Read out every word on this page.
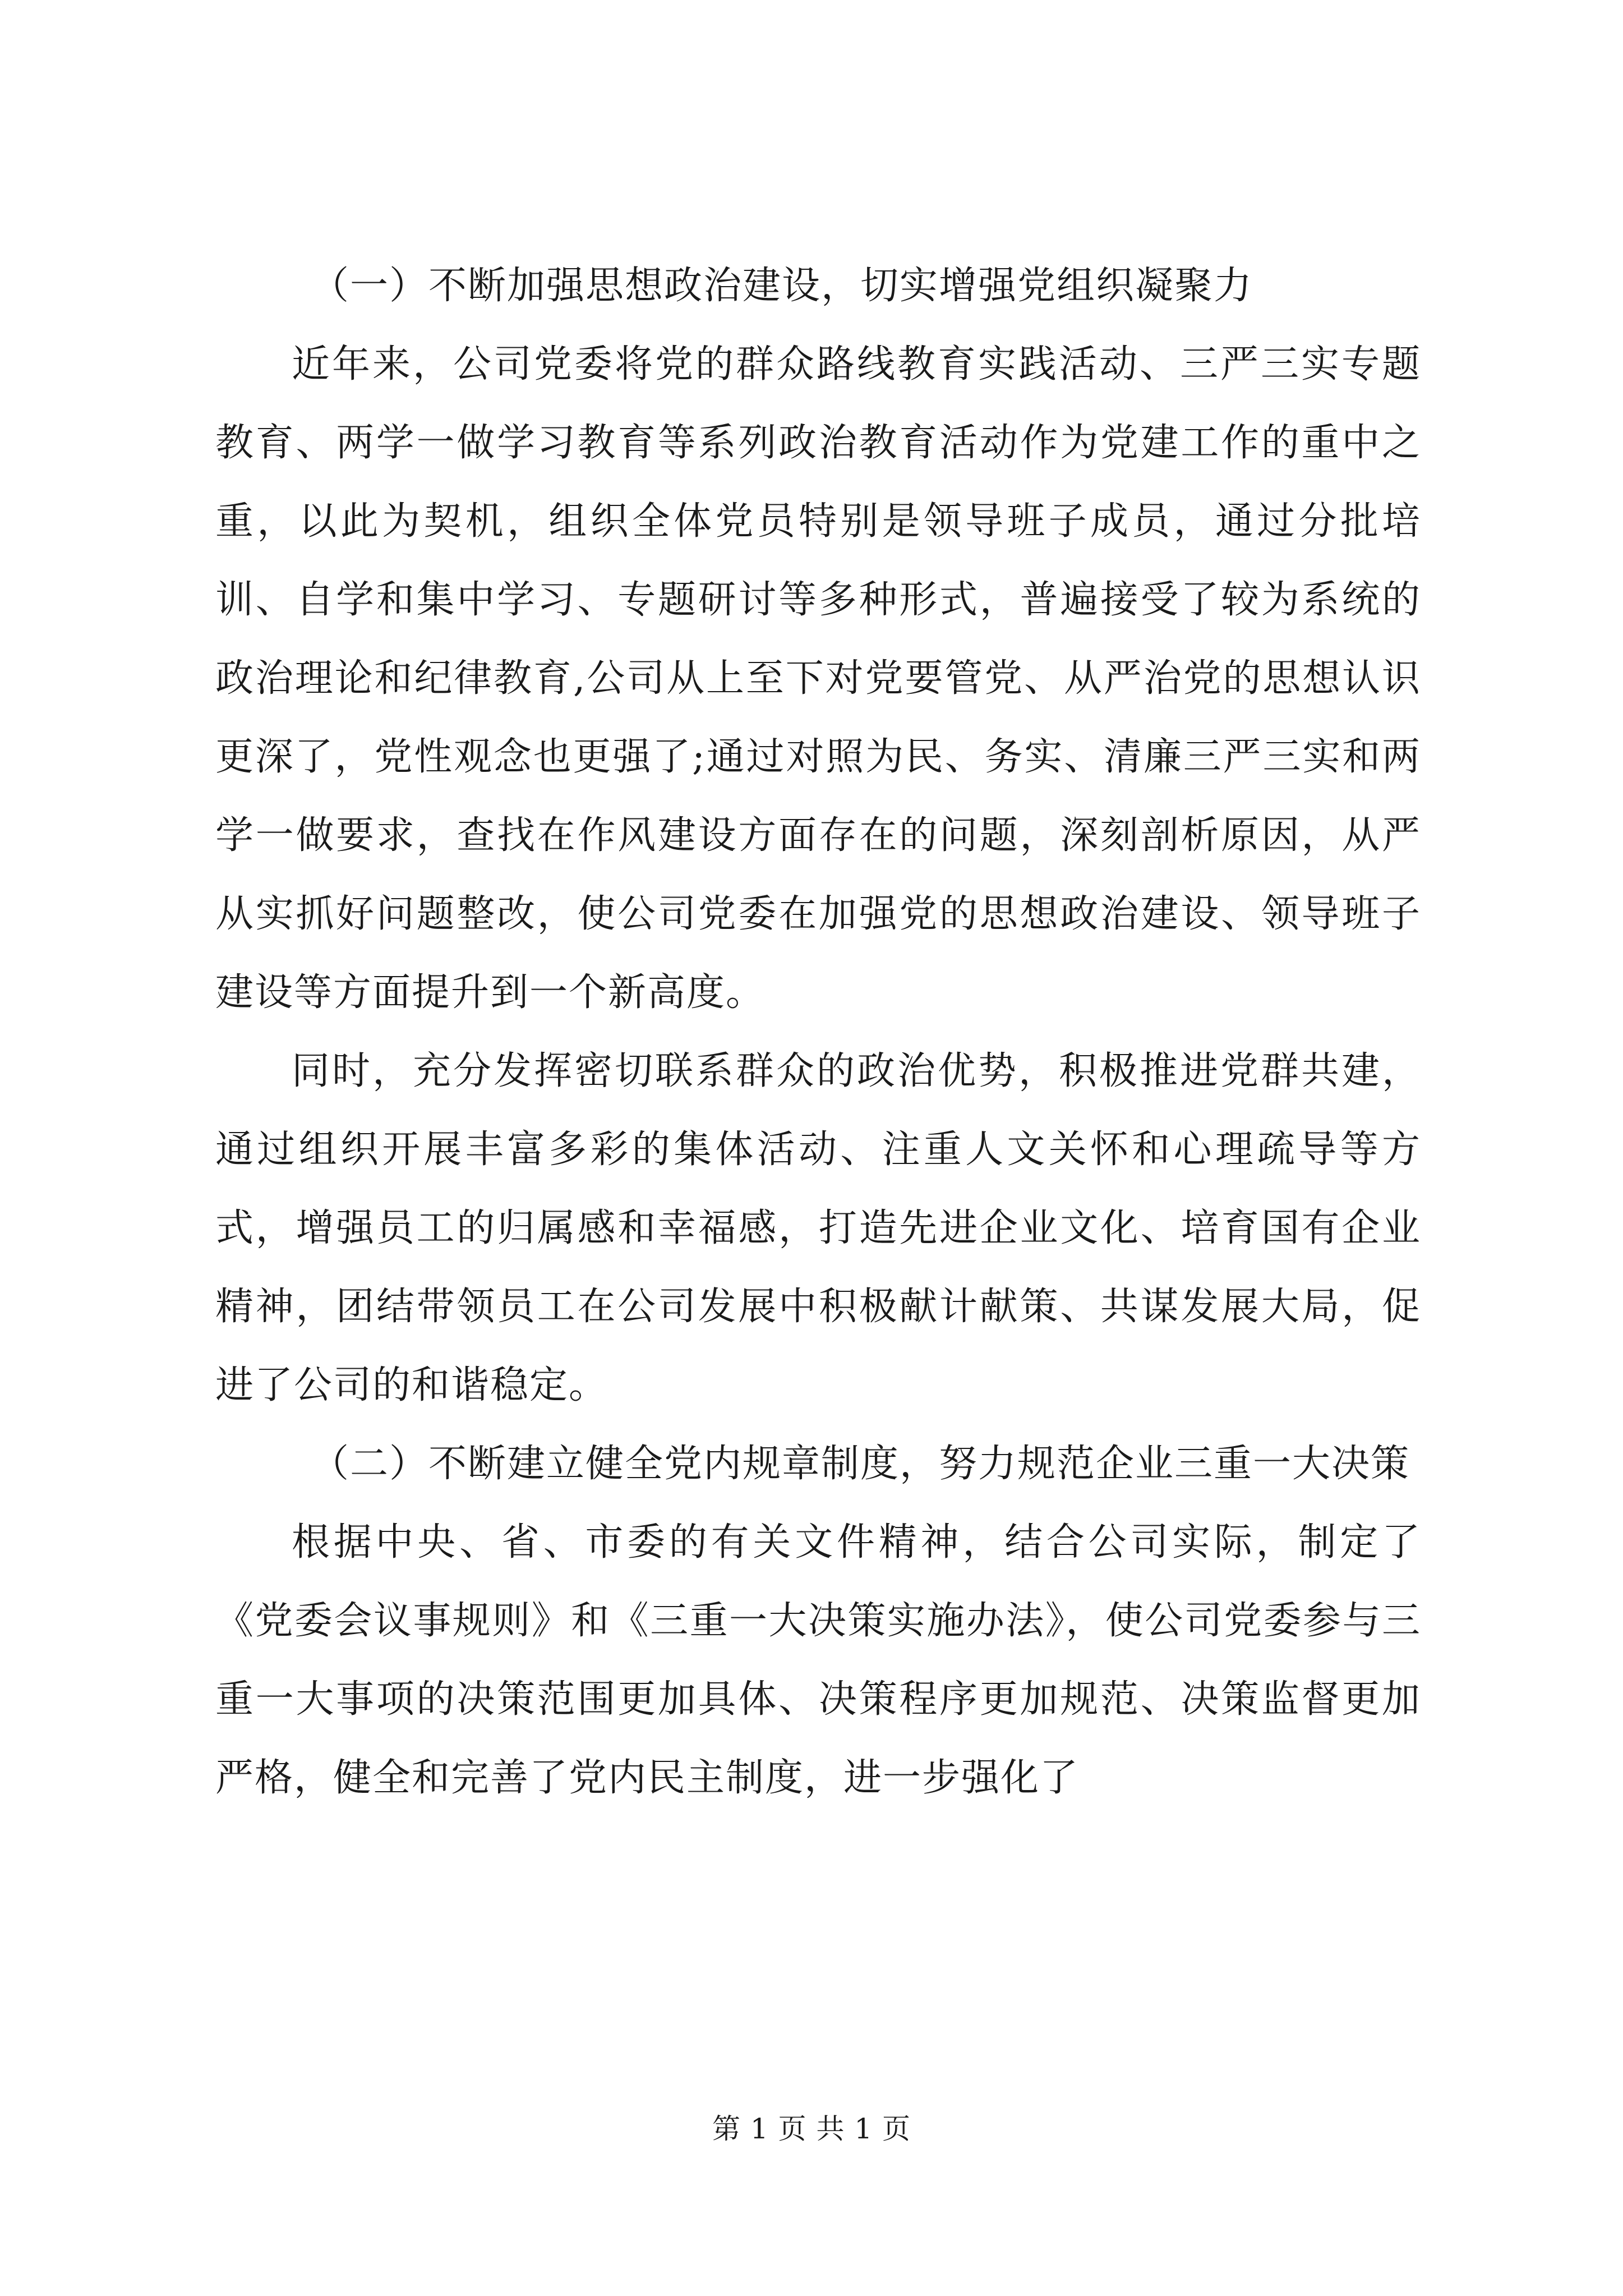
（一）不断加强思想政治建设，切实增强党组织凝聚力

近年来，公司党委将党的群众路线教育实践活动、三严三实专题教育、两学一做学习教育等系列政治教育活动作为党建工作的重中之重，以此为契机，组织全体党员特别是领导班子成员，通过分批培训、自学和集中学习、专题研讨等多种形式，普遍接受了较为系统的政治理论和纪律教育,公司从上至下对党要管党、从严治党的思想认识更深了，党性观念也更强了;通过对照为民、务实、清廉三严三实和两学一做要求，查找在作风建设方面存在的问题，深刻剖析原因，从严从实抓好问题整改，使公司党委在加强党的思想政治建设、领导班子建设等方面提升到一个新高度。

同时，充分发挥密切联系群众的政治优势，积极推进党群共建，通过组织开展丰富多彩的集体活动、注重人文关怀和心理疏导等方式，增强员工的归属感和幸福感，打造先进企业文化、培育国有企业精神，团结带领员工在公司发展中积极献计献策、共谋发展大局，促进了公司的和谐稳定。

（二）不断建立健全党内规章制度，努力规范企业三重一大决策

根据中央、省、市委的有关文件精神，结合公司实际，制定了《党委会议事规则》和《三重一大决策实施办法》，使公司党委参与三重一大事项的决策范围更加具体、决策程序更加规范、决策监督更加严格，健全和完善了党内民主制度，进一步强化了

第 1 页 共 1 页
